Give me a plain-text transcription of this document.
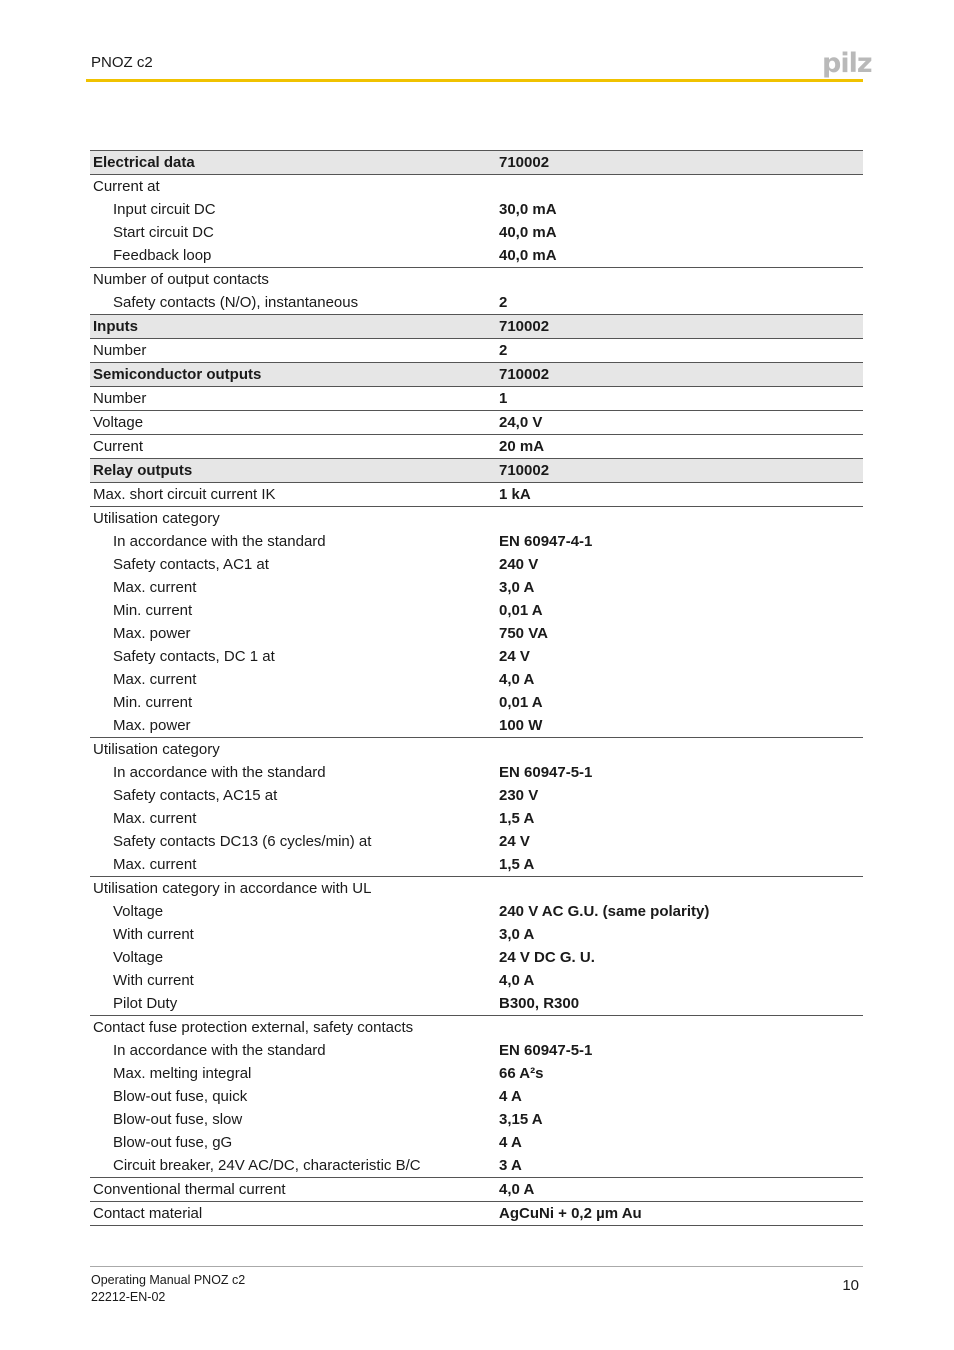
PNOZ c2	pilz
Electrical data	710002
Current at	
Input circuit DC	30,0 mA
Start circuit DC	40,0 mA
Feedback loop	40,0 mA
Number of output contacts	
Safety contacts (N/O), instantaneous	2
Inputs	710002
Number	2
Semiconductor outputs	710002
Number	1
Voltage	24,0 V
Current	20 mA
Relay outputs	710002
Max. short circuit current IK	1 kA
Utilisation category	
In accordance with the standard	EN 60947-4-1
Safety contacts, AC1 at	240 V
Max. current	3,0 A
Min. current	0,01 A
Max. power	750 VA
Safety contacts, DC 1 at	24 V
Max. current	4,0 A
Min. current	0,01 A
Max. power	100 W
Utilisation category	
In accordance with the standard	EN 60947-5-1
Safety contacts, AC15 at	230 V
Max. current	1,5 A
Safety contacts DC13 (6 cycles/min) at	24 V
Max. current	1,5 A
Utilisation category in accordance with UL	
Voltage	240 V AC G.U. (same polarity)
With current	3,0 A
Voltage	24 V DC G. U.
With current	4,0 A
Pilot Duty	B300, R300
Contact fuse protection external, safety contacts	
In accordance with the standard	EN 60947-5-1
Max. melting integral	66 A²s
Blow-out fuse, quick	4 A
Blow-out fuse, slow	3,15 A
Blow-out fuse, gG	4 A
Circuit breaker, 24V AC/DC, characteristic B/C	3 A
Conventional thermal current	4,0 A
Contact material	AgCuNi + 0,2 µm Au
Operating Manual PNOZ c2
22212-EN-02
10
